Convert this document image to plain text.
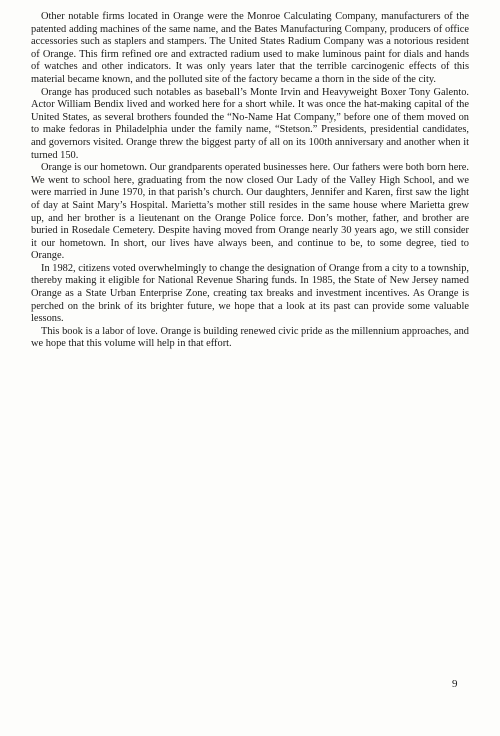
Other notable firms located in Orange were the Monroe Calculating Company, manufacturers of the patented adding machines of the same name, and the Bates Manufacturing Company, producers of office accessories such as staplers and stampers. The United States Radium Company was a notorious resident of Orange. This firm refined ore and extracted radium used to make luminous paint for dials and hands of watches and other indicators. It was only years later that the terrible carcinogenic effects of this material became known, and the polluted site of the factory became a thorn in the side of the city.

Orange has produced such notables as baseball’s Monte Irvin and Heavyweight Boxer Tony Galento. Actor William Bendix lived and worked here for a short while. It was once the hat-making capital of the United States, as several brothers founded the “No-Name Hat Company,” before one of them moved on to make fedoras in Philadelphia under the family name, “Stetson.” Presidents, presidential candidates, and governors visited. Orange threw the biggest party of all on its 100th anniversary and another when it turned 150.

Orange is our hometown. Our grandparents operated businesses here. Our fathers were both born here. We went to school here, graduating from the now closed Our Lady of the Valley High School, and we were married in June 1970, in that parish’s church. Our daughters, Jennifer and Karen, first saw the light of day at Saint Mary’s Hospital. Marietta’s mother still resides in the same house where Marietta grew up, and her brother is a lieutenant on the Orange Police force. Don’s mother, father, and brother are buried in Rosedale Cemetery. Despite having moved from Orange nearly 30 years ago, we still consider it our hometown. In short, our lives have always been, and continue to be, to some degree, tied to Orange.

In 1982, citizens voted overwhelmingly to change the designation of Orange from a city to a township, thereby making it eligible for National Revenue Sharing funds. In 1985, the State of New Jersey named Orange as a State Urban Enterprise Zone, creating tax breaks and investment incentives. As Orange is perched on the brink of its brighter future, we hope that a look at its past can provide some valuable lessons.

This book is a labor of love. Orange is building renewed civic pride as the millennium approaches, and we hope that this volume will help in that effort.

9
